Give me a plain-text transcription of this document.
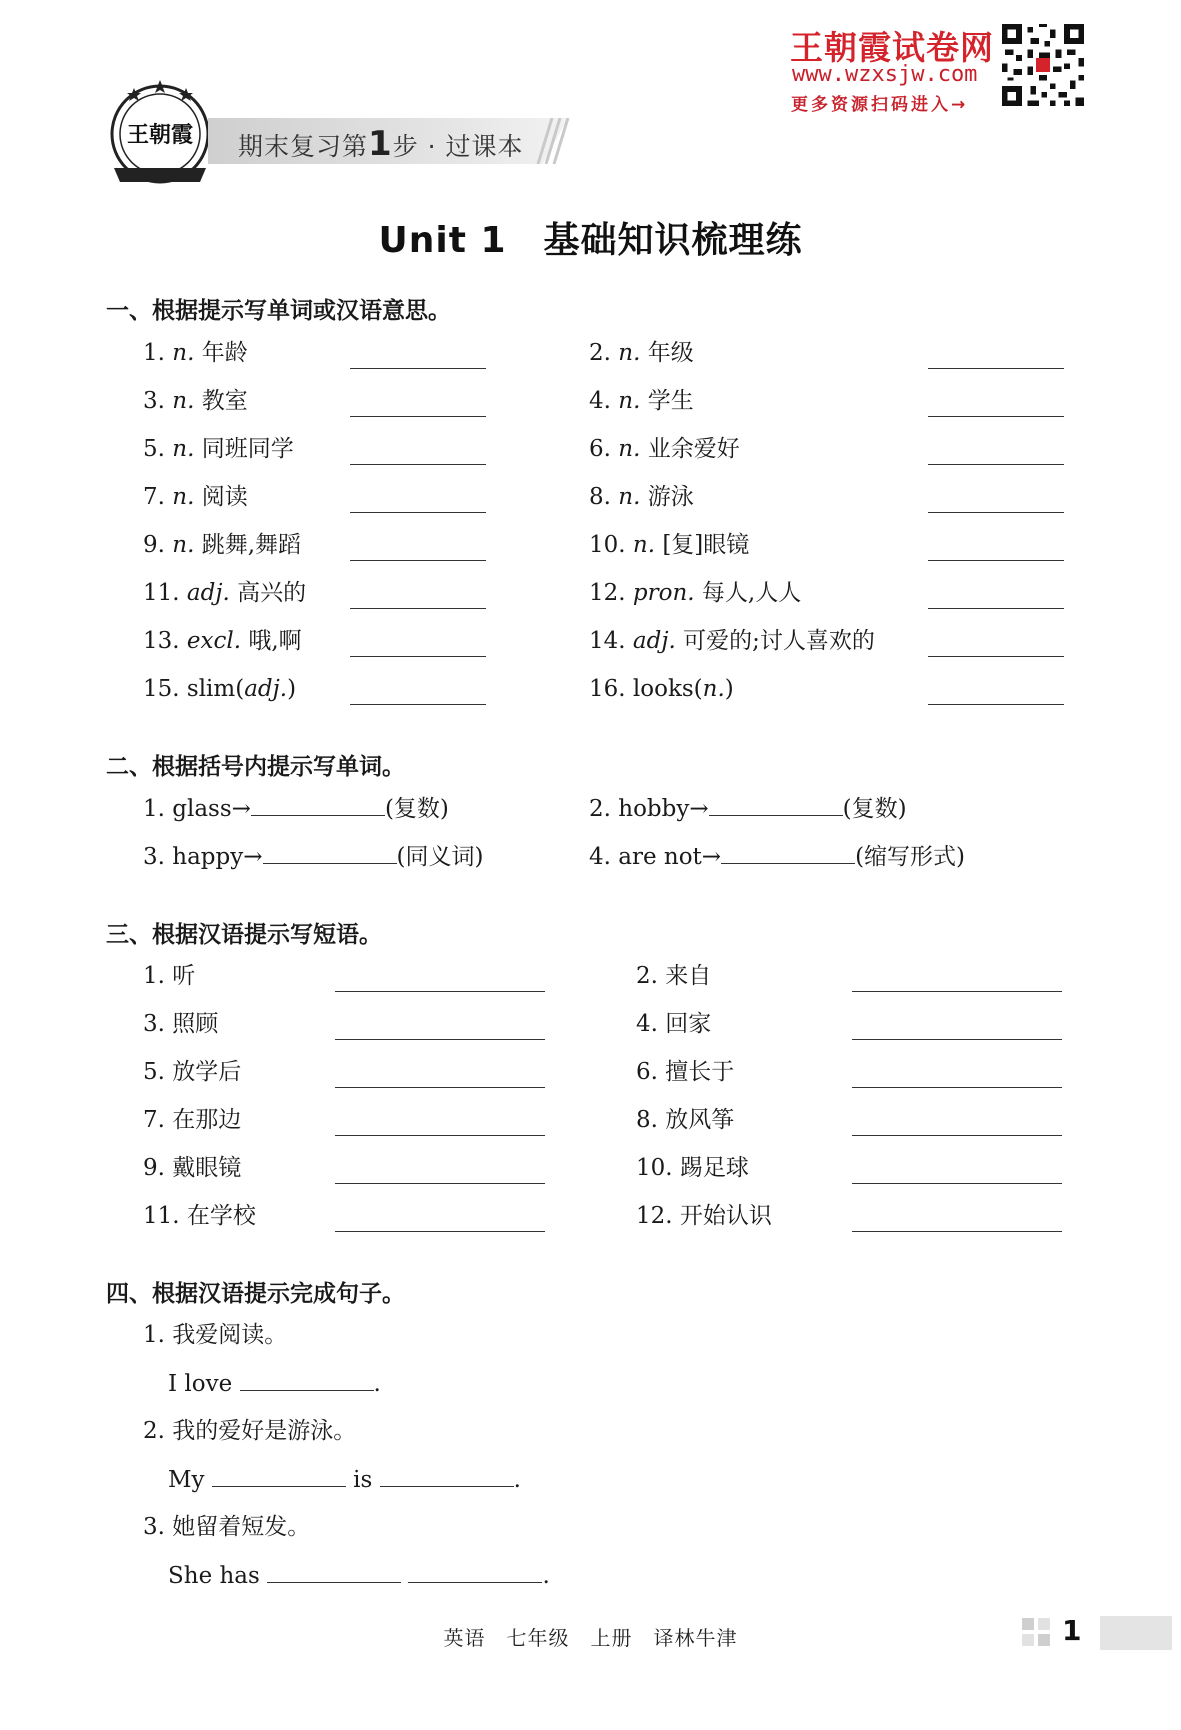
王朝霞 期末复习第1步 · 过课本
王朝霞试卷网
www.wzxsjw.com
更多资源扫码进入→
Unit 1　基础知识梳理练
一、根据提示写单词或汉语意思。
1. n. 年龄	2. n. 年级
3. n. 教室	4. n. 学生
5. n. 同班同学	6. n. 业余爱好
7. n. 阅读	8. n. 游泳
9. n. 跳舞,舞蹈	10. n. [复]眼镜
11. adj. 高兴的	12. pron. 每人,人人
13. excl. 哦,啊	14. adj. 可爱的;讨人喜欢的
15. slim(adj.)	16. looks(n.)
二、根据括号内提示写单词。
1. glass→	(复数)	2. hobby→	(复数)
3. happy→	(同义词)	4. are not→	(缩写形式)
三、根据汉语提示写短语。
1. 听	2. 来自
3. 照顾	4. 回家
5. 放学后	6. 擅长于
7. 在那边	8. 放风筝
9. 戴眼镜	10. 踢足球
11. 在学校	12. 开始认识
四、根据汉语提示完成句子。
1. 我爱阅读。
I love	.
2. 我的爱好是游泳。
My	is	.
3. 她留着短发。
She has	.
英语　七年级　上册　译林牛津	1
